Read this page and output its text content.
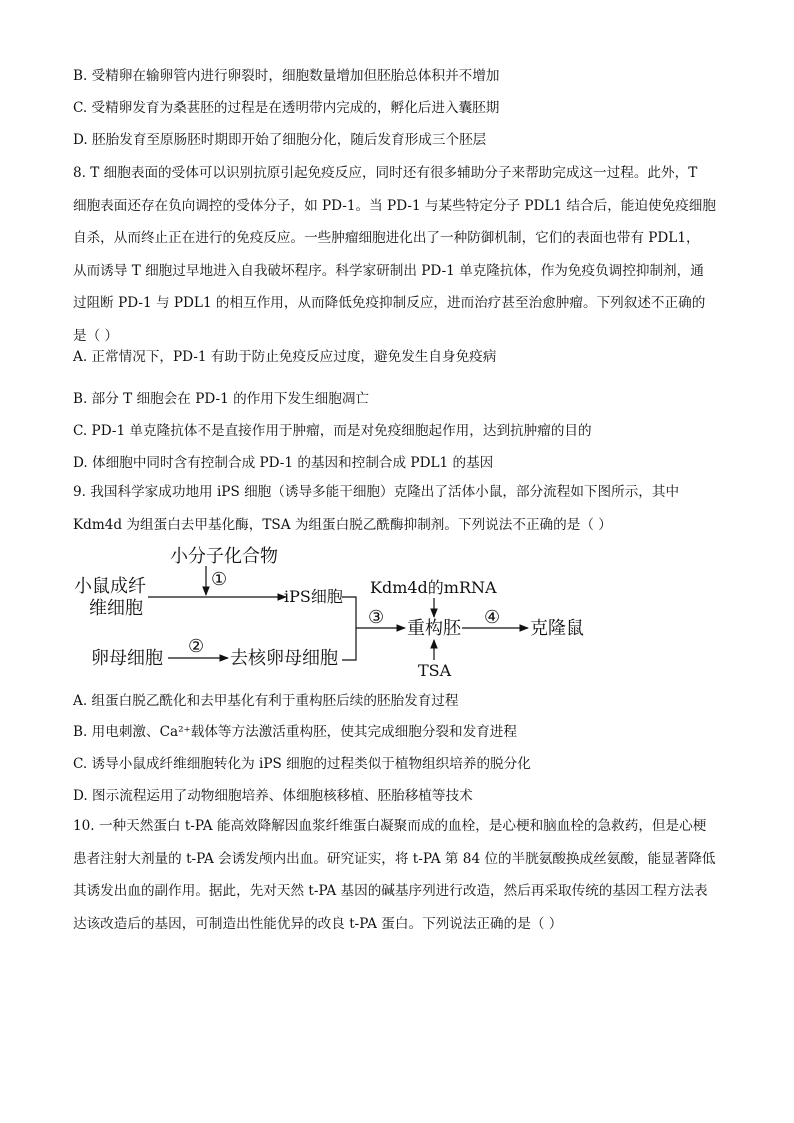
B. 受精卵在输卵管内进行卵裂时，细胞数量增加但胚胎总体积并不增加
C. 受精卵发育为桑葚胚的过程是在透明带内完成的，孵化后进入囊胚期
D. 胚胎发育至原肠胚时期即开始了细胞分化，随后发育形成三个胚层
8. T 细胞表面的受体可以识别抗原引起免疫反应，同时还有很多辅助分子来帮助完成这一过程。此外，T
细胞表面还存在负向调控的受体分子，如 PD-1。当 PD-1 与某些特定分子 PDL1 结合后，能迫使免疫细胞
自杀，从而终止正在进行的免疫反应。一些肿瘤细胞进化出了一种防御机制，它们的表面也带有 PDL1，
从而诱导 T 细胞过早地进入自我破坏程序。科学家研制出 PD-1 单克隆抗体，作为免疫负调控抑制剂，通
过阻断 PD-1 与 PDL1 的相互作用，从而降低免疫抑制反应，进而治疗甚至治愈肿瘤。下列叙述不正确的
是（ ）
A. 正常情况下，PD-1 有助于防止免疫反应过度，避免发生自身免疫病
B. 部分 T 细胞会在 PD-1 的作用下发生细胞凋亡
C. PD-1 单克隆抗体不是直接作用于肿瘤，而是对免疫细胞起作用，达到抗肿瘤的目的
D. 体细胞中同时含有控制合成 PD-1 的基因和控制合成 PDL1 的基因
9. 我国科学家成功地用 iPS 细胞（诱导多能干细胞）克隆出了活体小鼠，部分流程如下图所示，其中
Kdm4d 为组蛋白去甲基化酶，TSA 为组蛋白脱乙酰酶抑制剂。下列说法不正确的是（ ）
小分子化合物
①
小鼠成纤
维细胞
iPS细胞 Kdm4d的mRNA
卵母细胞
②
去核卵母细胞
③
重构胚
TSA
④
克隆鼠
A. 组蛋白脱乙酰化和去甲基化有利于重构胚后续的胚胎发育过程
B. 用电刺激、Ca²⁺载体等方法激活重构胚，使其完成细胞分裂和发育进程
C. 诱导小鼠成纤维细胞转化为 iPS 细胞的过程类似于植物组织培养的脱分化
D. 图示流程运用了动物细胞培养、体细胞核移植、胚胎移植等技术
10. 一种天然蛋白 t-PA 能高效降解因血浆纤维蛋白凝聚而成的血栓，是心梗和脑血栓的急救药，但是心梗
患者注射大剂量的 t-PA 会诱发颅内出血。研究证实，将 t-PA 第 84 位的半胱氨酸换成丝氨酸，能显著降低
其诱发出血的副作用。据此，先对天然 t-PA 基因的碱基序列进行改造，然后再采取传统的基因工程方法表
达该改造后的基因，可制造出性能优异的改良 t-PA 蛋白。下列说法正确的是（ ）
